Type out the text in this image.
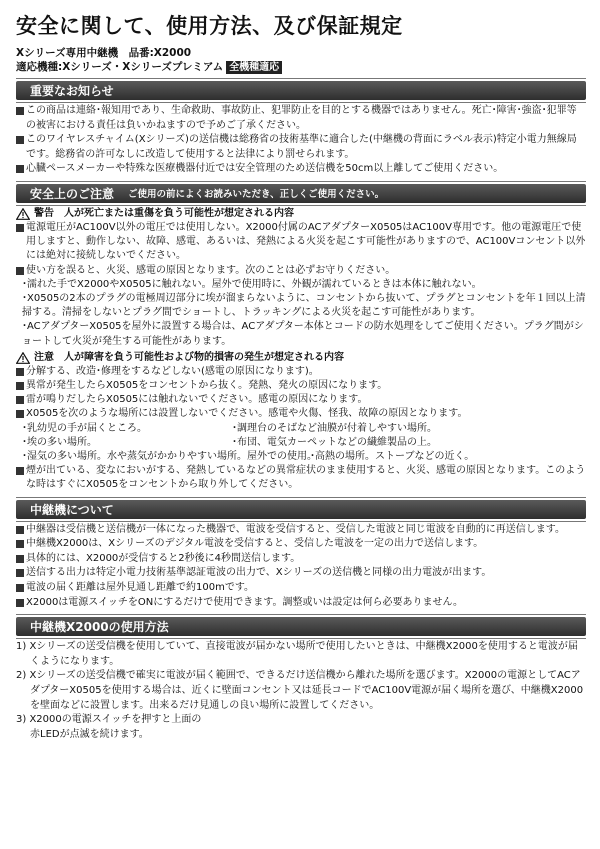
安全に関して、使用方法、及び保証規定
Xシリーズ専用中継機　品番:X2000
適応機種:Xシリーズ・Xシリーズプレミアム 全機種適応
重要なお知らせ

この商品は連絡･報知用であり、生命救助、事故防止、犯罪防止を目的とする機器ではありません。死亡･障害･強盗･犯罪等の被害における責任は負いかねますので予めご了承ください。

このワイヤレスチャイム(Xシリーズ)の送信機は総務省の技術基準に適合した(中継機の背面にラベル表示)特定小電力無線局です。総務省の許可なしに改造して使用すると法律により罰せられます。

心臓ペースメーカーや特殊な医療機器付近では安全管理のため送信機を50cm以上離してご使用ください。

安全上のご注意 ご使用の前によくお読みいただき、正しくご使用ください。
警告　人が死亡または重傷を負う可能性が想定される内容

電源電圧がAC100V以外の電圧では使用しない。X2000付属のACアダプターX0505はAC100V専用です。他の電源電圧で使用しますと、動作しない、故障、感電、あるいは、発熱による火災を起こす可能性がありますので、AC100Vコンセント以外には絶対に接続しないでください。

使い方を誤ると、火災、感電の原因となります。次のことは必ずお守りください。

･濡れた手でX2000やX0505に触れない。屋外で使用時に、外観が濡れているときは本体に触れない。

･X0505の2本のプラグの電極周辺部分に埃が溜まらないように、コンセントから抜いて、プラグとコンセントを年１回以上清掃する。清掃をしないとプラグ間でショートし、トラッキングによる火災を起こす可能性があります。

･ACアダプターX0505を屋外に設置する場合は、ACアダプター本体とコードの防水処理をしてご使用ください。プラグ間がショートして火災が発生する可能性があります。

注意　人が障害を負う可能性および物的損害の発生が想定される内容

分解する、改造･修理をするなどしない(感電の原因になります)。

異常が発生したらX0505をコンセントから抜く。発熱、発火の原因になります。

雷が鳴りだしたらX0505には触れないでください。感電の原因になります。

X0505を次のような場所には設置しないでください。感電や火傷、怪我、故障の原因となります。

･乳幼児の手が届くところ。	･調理台のそばなど油膜が付着しやすい場所。
･埃の多い場所。	･布団、電気カーペットなどの繊維製品の上。
･湿気の多い場所。水や蒸気がかかりやすい場所。屋外での使用。
･高熱の場所。ストーブなどの近く。

煙が出ている、変なにおいがする、発熱しているなどの異常症状のまま使用すると、火災、感電の原因となります。このような時はすぐにX0505をコンセントから取り外してください。

中継機について

中継器は受信機と送信機が一体になった機器で、電波を受信すると、受信した電波と同じ電波を自動的に再送信します。

中継機X2000は、Xシリーズのデジタル電波を受信すると、受信した電波を一定の出力で送信します。

具体的には、X2000が受信すると2秒後に4秒間送信します。

送信する出力は特定小電力技術基準認証電波の出力で、Xシリーズの送信機と同様の出力電波が出ます。

電波の届く距離は屋外見通し距離で約100mです。

X2000は電源スイッチをONにするだけで使用できます。調整或いは設定は何ら必要ありません。

中継機X2000の使用方法

1) Xシリーズの送受信機を使用していて、直接電波が届かない場所で使用したいときは、中継機X2000を使用すると電波が届くようになります。

2) Xシリーズの送受信機で確実に電波が届く範囲で、できるだけ送信機から離れた場所を選びます。X2000の電源としてACアダプターX0505を使用する場合は、近くに壁面コンセント又は延長コードでAC100V電源が届く場所を選び、中継機X2000を壁面などに設置します。出来るだけ見通しの良い場所に設置してください。

3) X2000の電源スイッチを押すと上面の

赤LEDが点滅を続けます。
